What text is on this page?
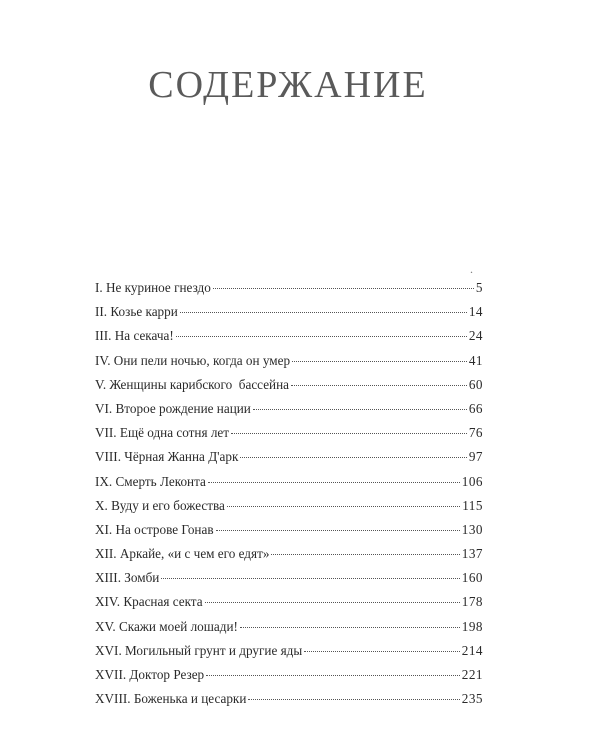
СОДЕРЖАНИЕ
.
I. Не куриное гнездо	5
II. Козье карри	14
III. На секача!	24
IV. Они пели ночью, когда он умер	41
V. Женщины карибского  бассейна	60
VI. Второе рождение нации	66
VII. Ещё одна сотня лет	76
VIII. Чёрная Жанна Д'арк	97
IX. Смерть Леконта	106
X. Вуду и его божества	115
XI. На острове Гонав	130
XII. Аркайе, «и с чем его едят»	137
XIII. Зомби	160
XIV. Красная секта	178
XV. Скажи моей лошади!	198
XVI. Могильный грунт и другие яды	214
XVII. Доктор Резер	221
XVIII. Боженька и цесарки	235
